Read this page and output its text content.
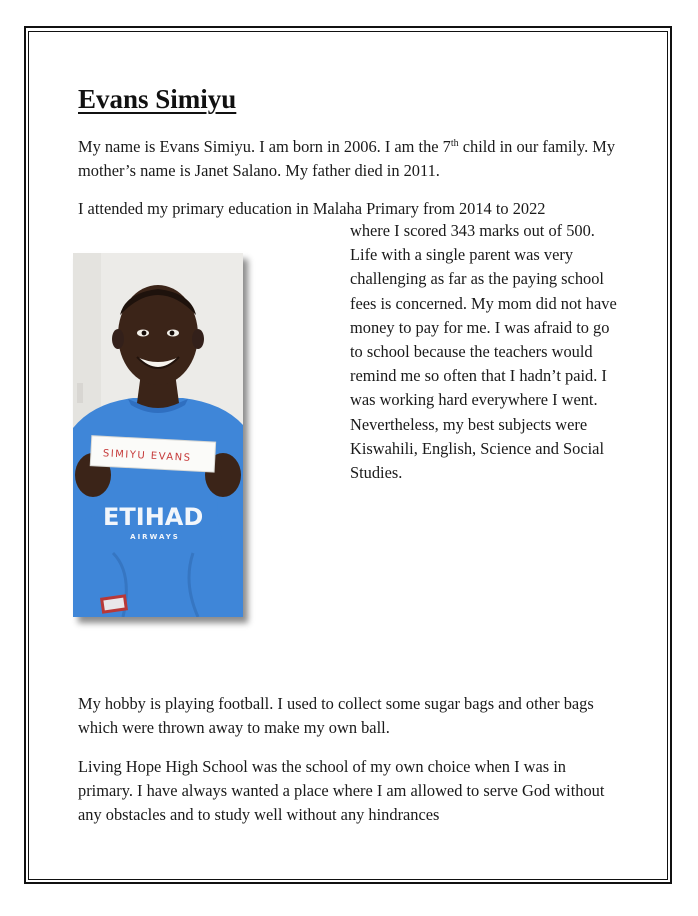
Evans Simiyu

My name is Evans Simiyu. I am born in 2006. I am the 7th child in our family. My mother’s name is Janet Salano. My father died in 2011.

I attended my primary education in Malaha Primary from 2014 to 2022

where I scored 343 marks out of 500. Life with a single parent was very challenging as far as the paying school fees is concerned. My mom did not have money to pay for me. I was afraid to go to school because the teachers would remind me so often that I hadn’t paid. I was working hard everywhere I went. Nevertheless, my best subjects were Kiswahili, English, Science and Social Studies.

SIMIYU EVANS
ETIHAD
AIRWAYS

My hobby is playing football. I used to collect some sugar bags and other bags which were thrown away to make my own ball.

Living Hope High School was the school of my own choice when I was in primary. I have always wanted a place where I am allowed to serve God without any obstacles and to study well without any hindrances
